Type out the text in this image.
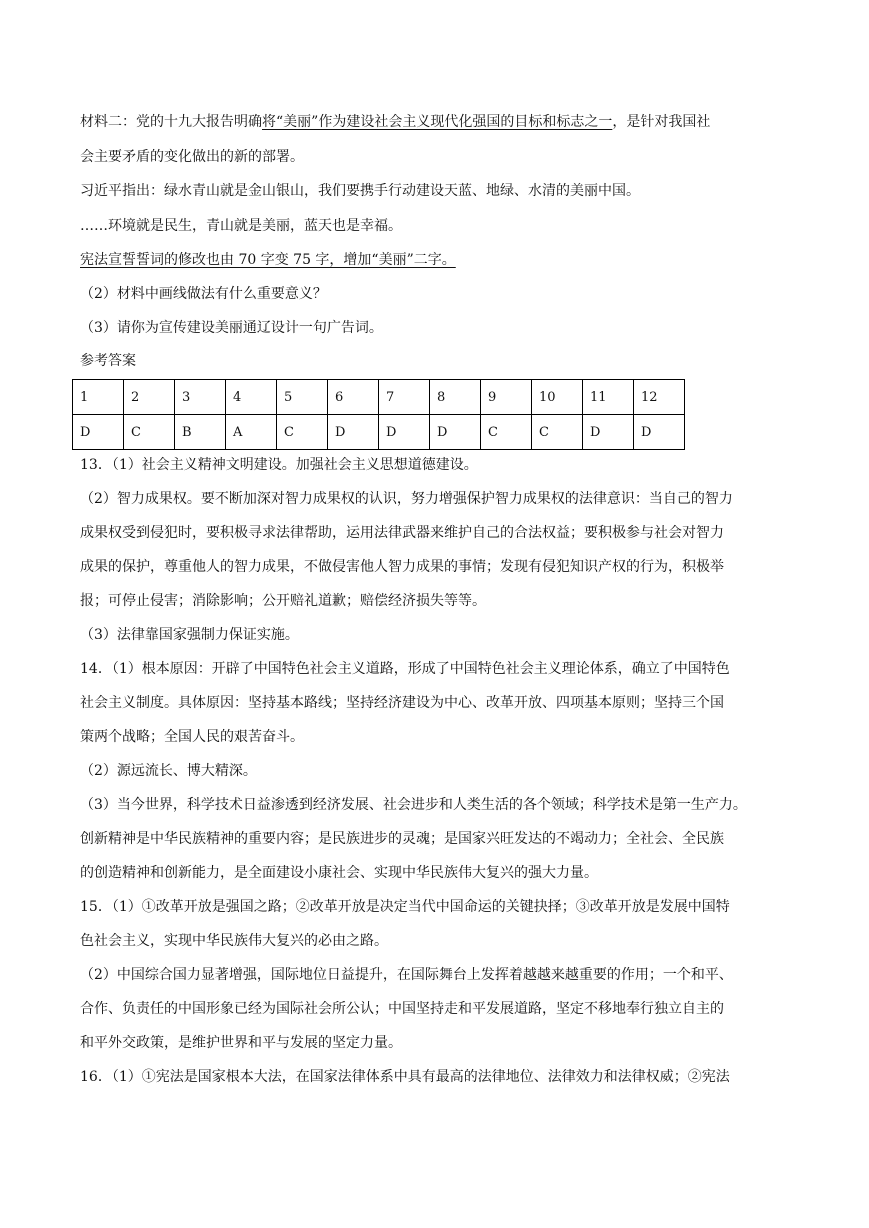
材料二：党的十九大报告明确将“美丽”作为建设社会主义现代化强国的目标和标志之一，是针对我国社
会主要矛盾的变化做出的新的部署。
习近平指出：绿水青山就是金山银山，我们要携手行动建设天蓝、地绿、水清的美丽中国。
……环境就是民生，青山就是美丽，蓝天也是幸福。
宪法宣誓誓词的修改也由 70 字变 75 字，增加“美丽”二字。
（2）材料中画线做法有什么重要意义？
（3）请你为宣传建设美丽通辽设计一句广告词。
参考答案
1	2	3	4	5	6	7	8	9	10	11	12
D	C	B	A	C	D	D	D	C	C	D	D
13．（1）社会主义精神文明建设。加强社会主义思想道德建设。
（2）智力成果权。要不断加深对智力成果权的认识，努力增强保护智力成果权的法律意识：当自己的智力
成果权受到侵犯时，要积极寻求法律帮助，运用法律武器来维护自己的合法权益；要积极参与社会对智力
成果的保护，尊重他人的智力成果，不做侵害他人智力成果的事情；发现有侵犯知识产权的行为，积极举
报；可停止侵害；消除影响；公开赔礼道歉；赔偿经济损失等等。
（3）法律靠国家强制力保证实施。
14．（1）根本原因：开辟了中国特色社会主义道路，形成了中国特色社会主义理论体系，确立了中国特色
社会主义制度。具体原因：坚持基本路线；坚持经济建设为中心、改革开放、四项基本原则；坚持三个国
策两个战略；全国人民的艰苦奋斗。
（2）源远流长、博大精深。
（3）当今世界，科学技术日益渗透到经济发展、社会进步和人类生活的各个领域；科学技术是第一生产力。
创新精神是中华民族精神的重要内容；是民族进步的灵魂；是国家兴旺发达的不竭动力；全社会、全民族
的创造精神和创新能力，是全面建设小康社会、实现中华民族伟大复兴的强大力量。
15．（1）①改革开放是强国之路；②改革开放是决定当代中国命运的关键抉择；③改革开放是发展中国特
色社会主义，实现中华民族伟大复兴的必由之路。
（2）中国综合国力显著增强，国际地位日益提升，在国际舞台上发挥着越越来越重要的作用；一个和平、
合作、负责任的中国形象已经为国际社会所公认；中国坚持走和平发展道路，坚定不移地奉行独立自主的
和平外交政策，是维护世界和平与发展的坚定力量。
16．（1）①宪法是国家根本大法，在国家法律体系中具有最高的法律地位、法律效力和法律权威；②宪法
